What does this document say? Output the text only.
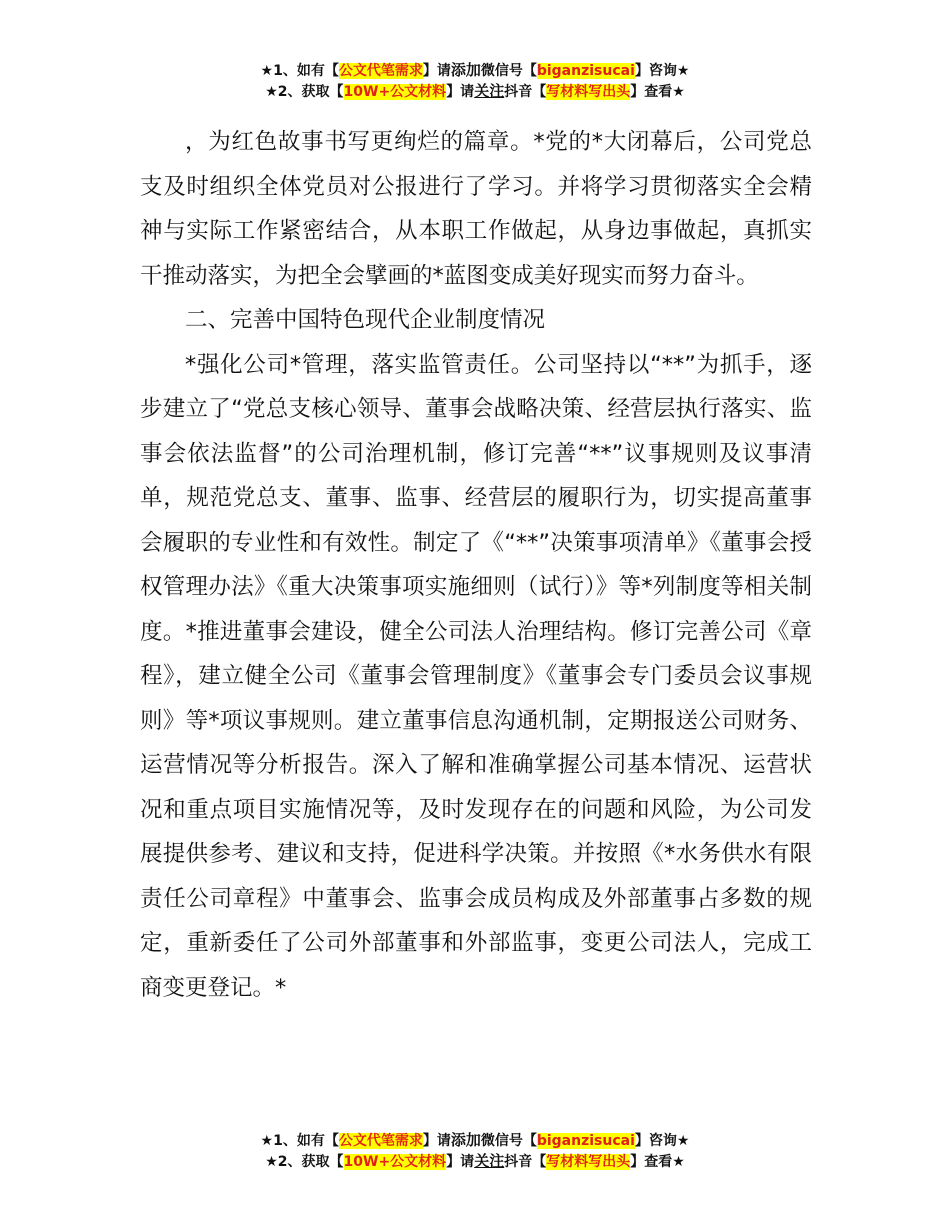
★1、如有【公文代笔需求】请添加微信号【biganzisucai】咨询★
★2、获取【10W+公文材料】请关注抖音【写材料写出头】查看★

，为红色故事书写更绚烂的篇章。*党的*大闭幕后，公司党总支及时组织全体党员对公报进行了学习。并将学习贯彻落实全会精神与实际工作紧密结合，从本职工作做起，从身边事做起，真抓实干推动落实，为把全会擘画的*蓝图变成美好现实而努力奋斗。

二、完善中国特色现代企业制度情况

*强化公司*管理，落实监管责任。公司坚持以“**”为抓手，逐步建立了“党总支核心领导、董事会战略决策、经营层执行落实、监事会依法监督”的公司治理机制，修订完善“**”议事规则及议事清单，规范党总支、董事、监事、经营层的履职行为，切实提高董事会履职的专业性和有效性。制定了《“**”决策事项清单》《董事会授权管理办法》《重大决策事项实施细则（试行）》等*列制度等相关制度。*推进董事会建设，健全公司法人治理结构。修订完善公司《章程》，建立健全公司《董事会管理制度》《董事会专门委员会议事规则》等*项议事规则。建立董事信息沟通机制，定期报送公司财务、运营情况等分析报告。深入了解和准确掌握公司基本情况、运营状况和重点项目实施情况等，及时发现存在的问题和风险，为公司发展提供参考、建议和支持，促进科学决策。并按照《*水务供水有限责任公司章程》中董事会、监事会成员构成及外部董事占多数的规定，重新委任了公司外部董事和外部监事，变更公司法人，完成工商变更登记。*

★1、如有【公文代笔需求】请添加微信号【biganzisucai】咨询★
★2、获取【10W+公文材料】请关注抖音【写材料写出头】查看★
